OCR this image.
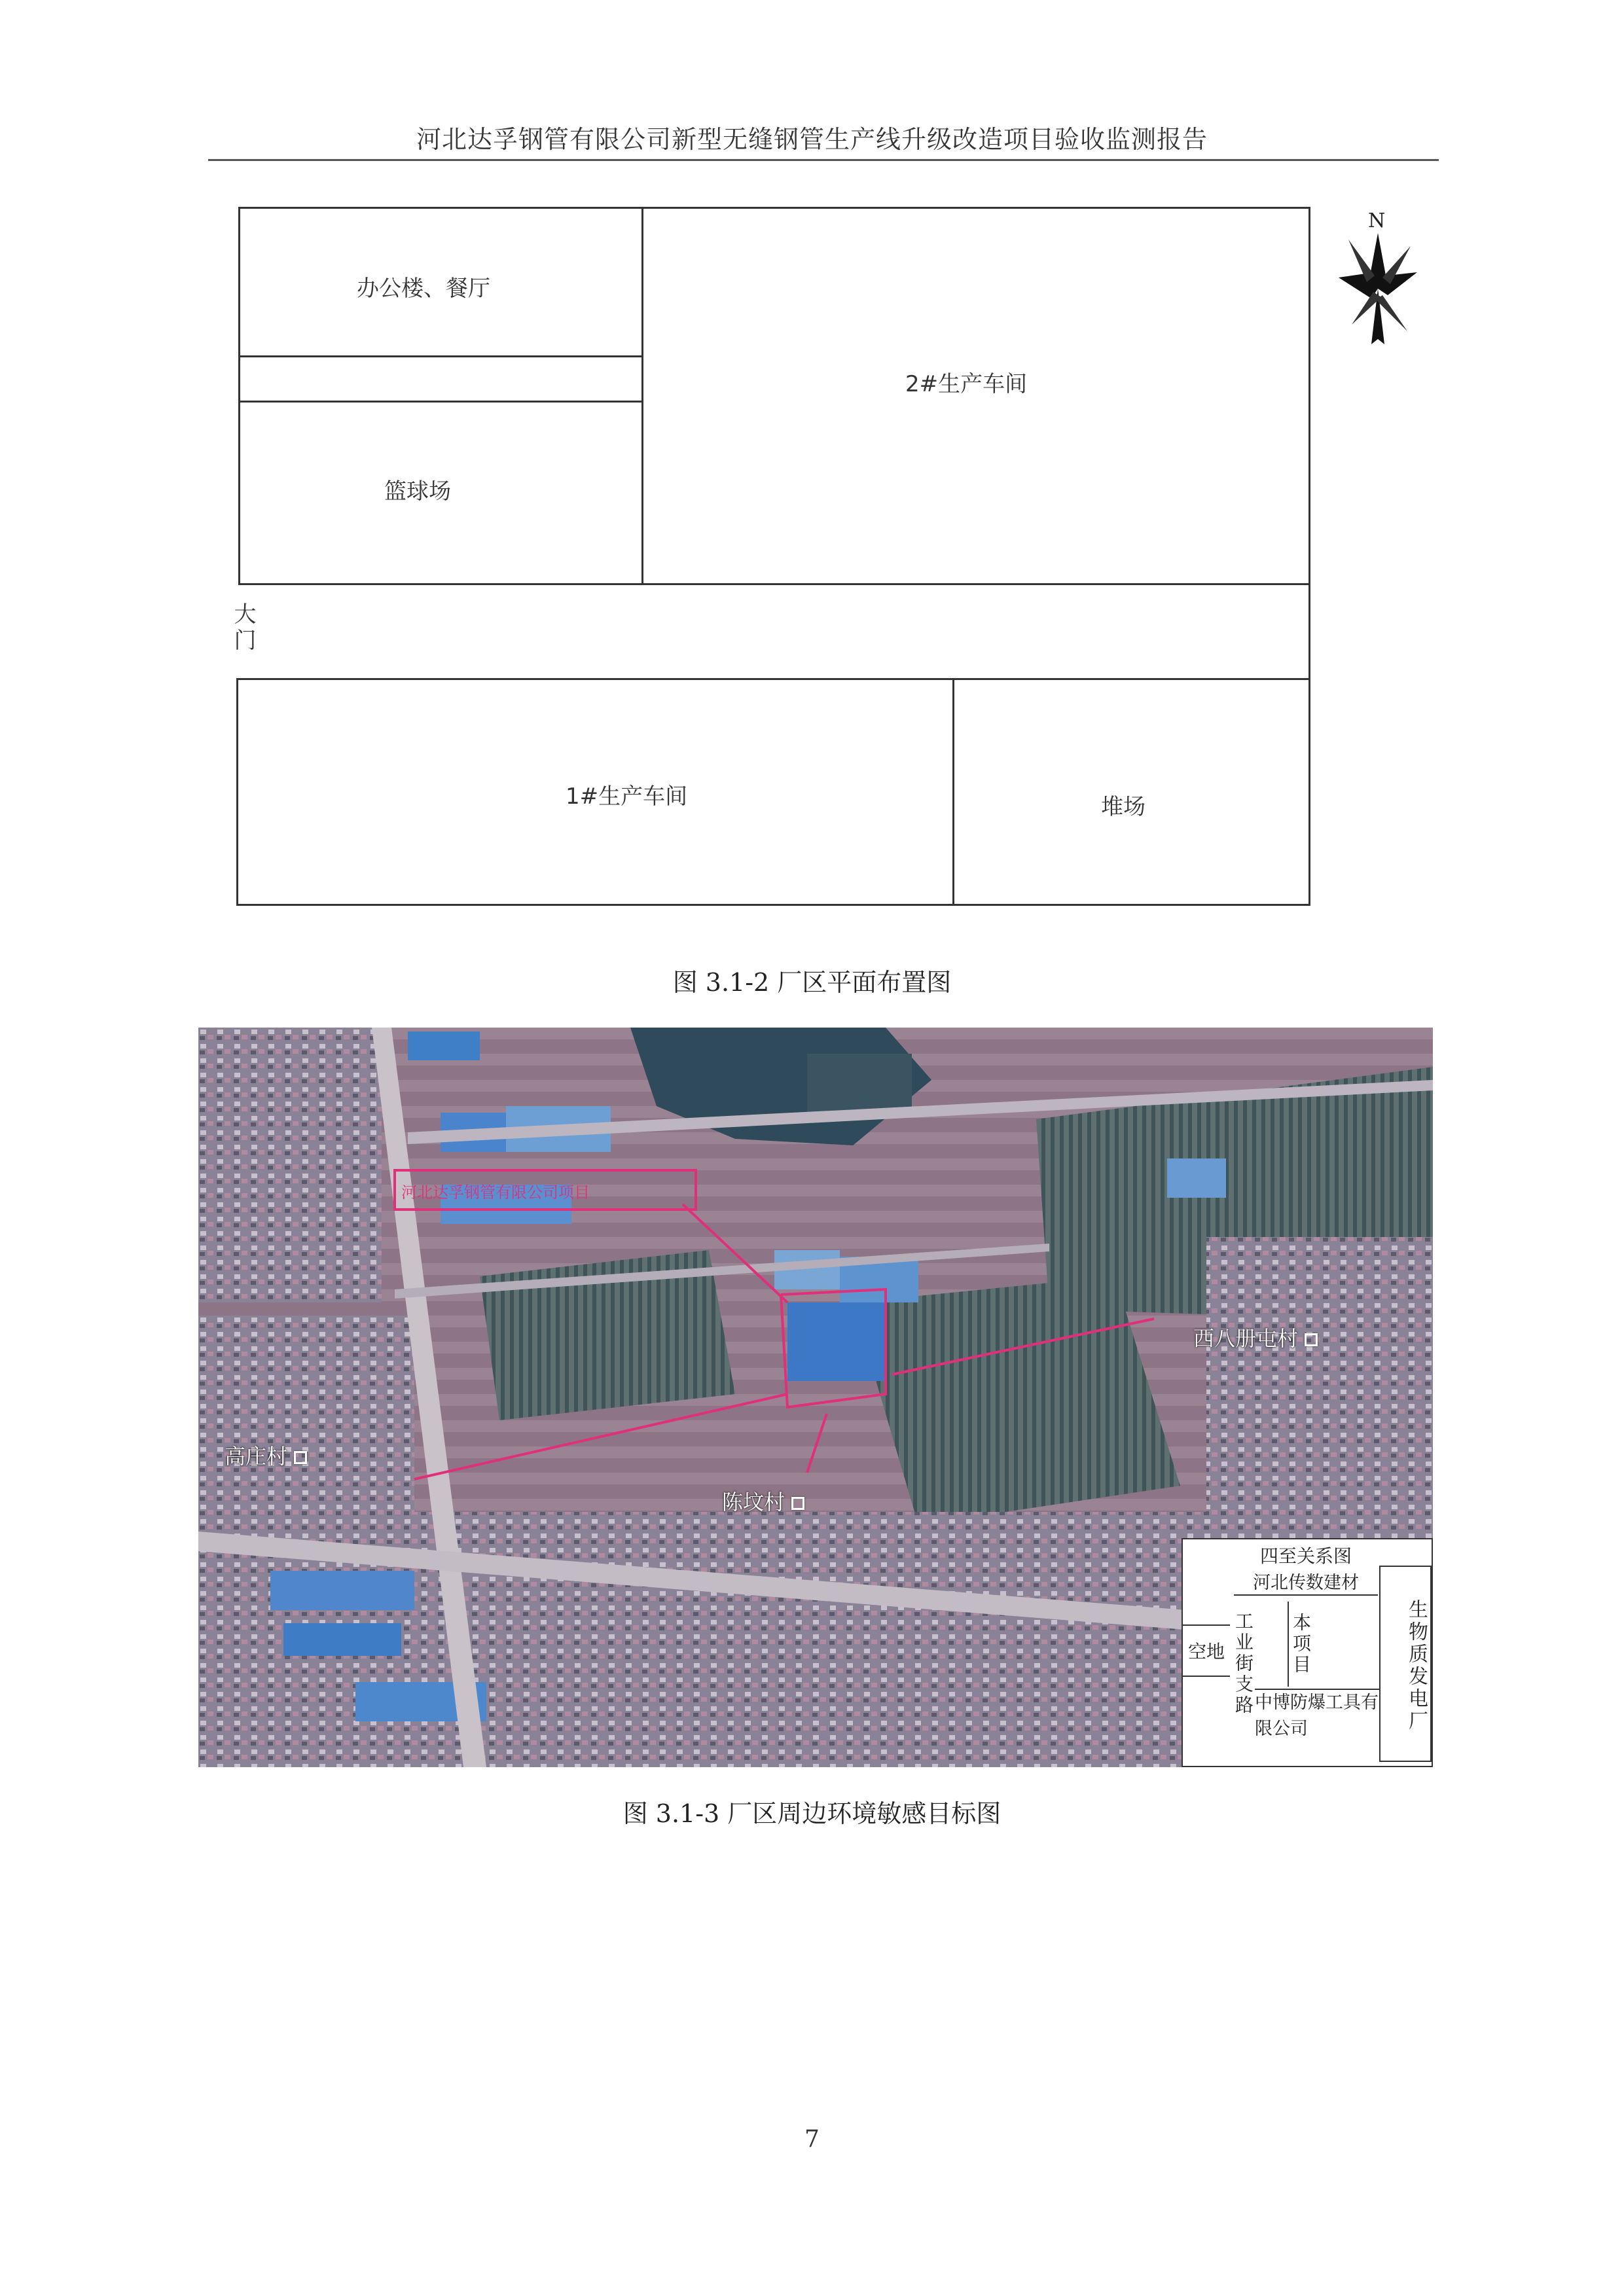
河北达孚钢管有限公司新型无缝钢管生产线升级改造项目验收监测报告
办公楼、餐厅
篮球场
2#生产车间
1#生产车间	堆场
大门
N
图 3.1-2 厂区平面布置图
河北达孚钢管有限公司项目
西八册屯村
高庄村
陈坟村
四至关系图
河北传数建材
空地 工业街支路 本项目
中博防爆工具有限公司	生物质发电厂
图 3.1-3 厂区周边环境敏感目标图
7
